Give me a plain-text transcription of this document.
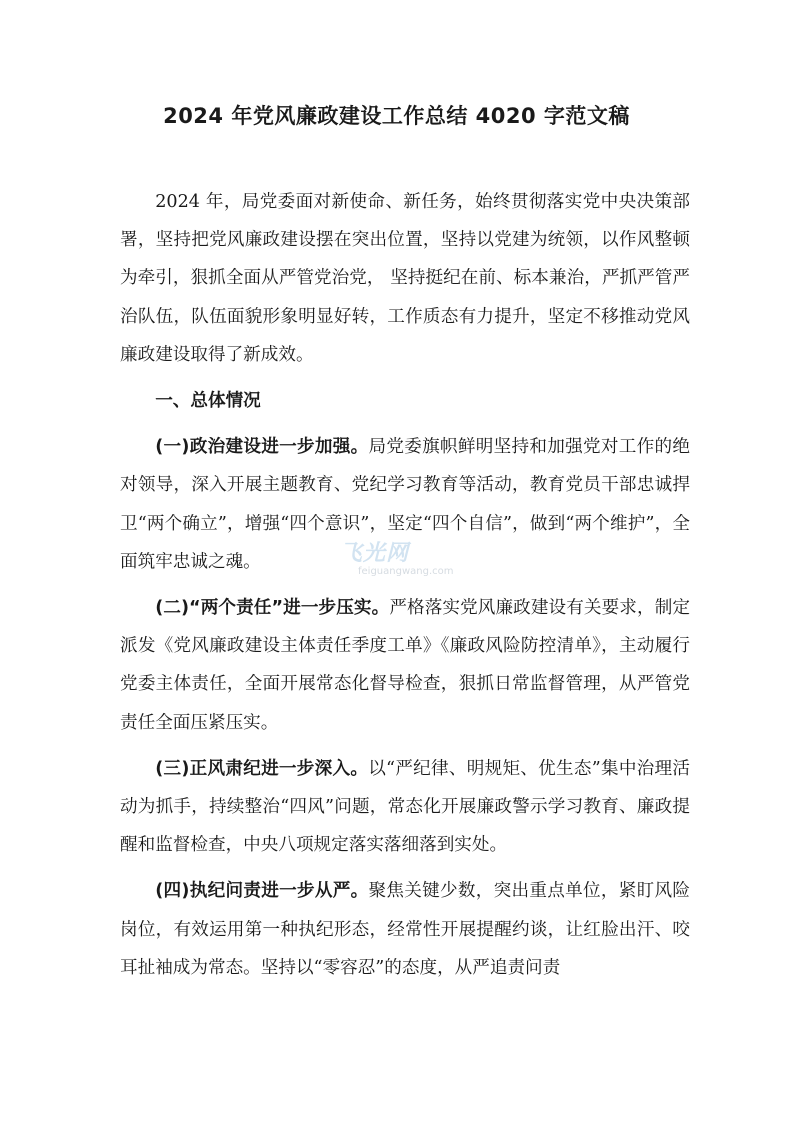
2024 年党风廉政建设工作总结 4020 字范文稿

2024 年，局党委面对新使命、新任务，始终贯彻落实党中央决策部署，坚持把党风廉政建设摆在突出位置，坚持以党建为统领，以作风整顿为牵引，狠抓全面从严管党治党， 坚持挺纪在前、标本兼治，严抓严管严治队伍，队伍面貌形象明显好转，工作质态有力提升，坚定不移推动党风廉政建设取得了新成效。

一、总体情况

(一)政治建设进一步加强。局党委旗帜鲜明坚持和加强党对工作的绝对领导，深入开展主题教育、党纪学习教育等活动，教育党员干部忠诚捍卫“两个确立”，增强“四个意识”，坚定“四个自信”，做到“两个维护”，全面筑牢忠诚之魂。

(二)“两个责任”进一步压实。严格落实党风廉政建设有关要求，制定派发《党风廉政建设主体责任季度工单》《廉政风险防控清单》，主动履行党委主体责任，全面开展常态化督导检查，狠抓日常监督管理，从严管党责任全面压紧压实。

(三)正风肃纪进一步深入。以“严纪律、明规矩、优生态”集中治理活动为抓手，持续整治“四风”问题，常态化开展廉政警示学习教育、廉政提醒和监督检查，中央八项规定落实落细落到实处。

(四)执纪问责进一步从严。聚焦关键少数，突出重点单位，紧盯风险岗位，有效运用第一种执纪形态，经常性开展提醒约谈，让红脸出汗、咬耳扯袖成为常态。坚持以“零容忍”的态度，从严追责问责

飞光网
feiguangwang.com
